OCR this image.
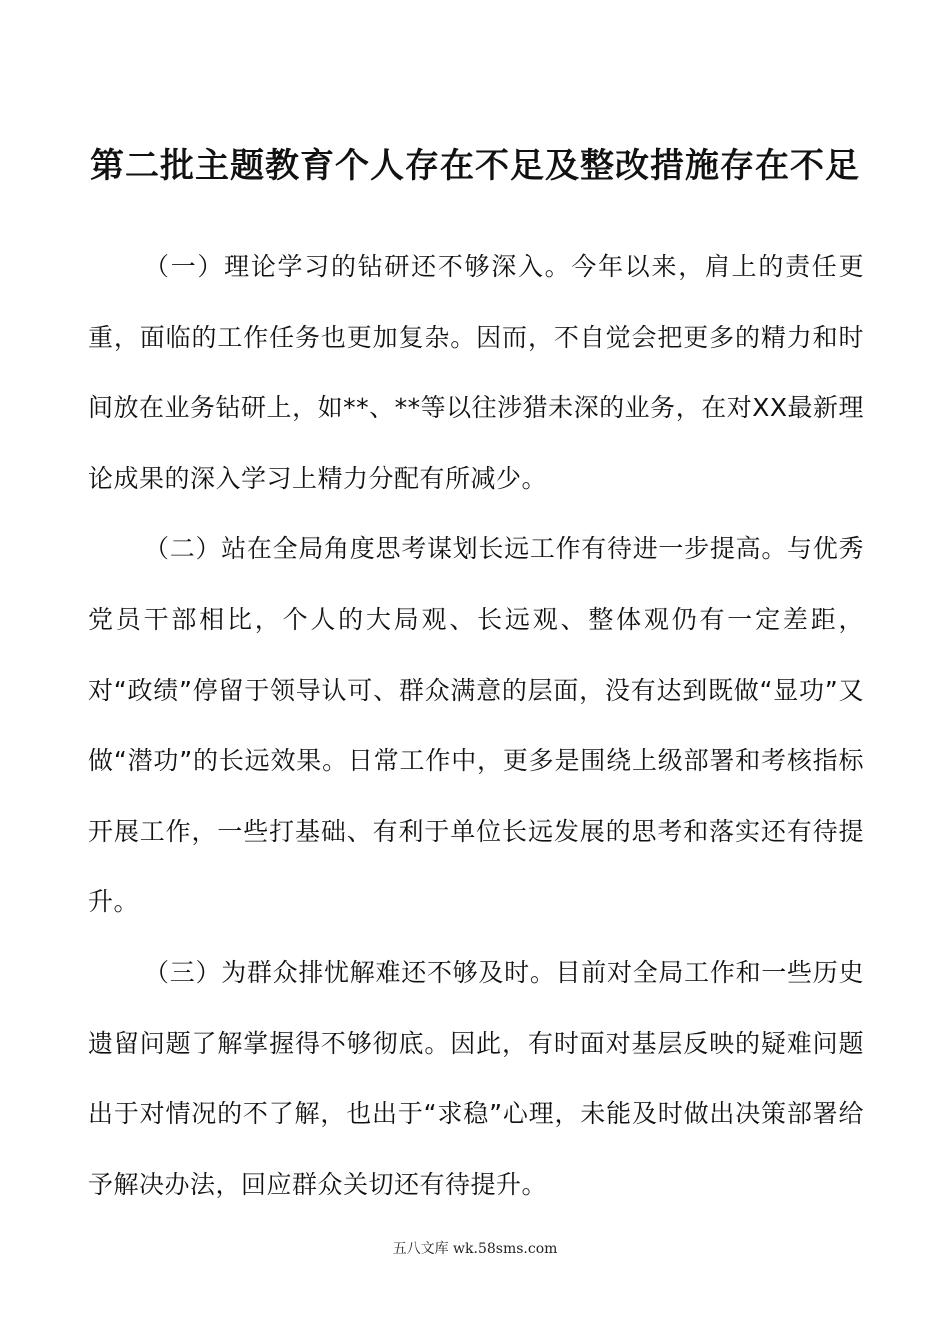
第二批主题教育个人存在不足及整改措施存在不足

（一）理论学习的钻研还不够深入。今年以来，肩上的责任更重，面临的工作任务也更加复杂。因而，不自觉会把更多的精力和时间放在业务钻研上，如**、**等以往涉猎未深的业务，在对XX最新理论成果的深入学习上精力分配有所减少。

（二）站在全局角度思考谋划长远工作有待进一步提高。与优秀党员干部相比，个人的大局观、长远观、整体观仍有一定差距，对“政绩”停留于领导认可、群众满意的层面，没有达到既做“显功”又做“潜功”的长远效果。日常工作中，更多是围绕上级部署和考核指标开展工作，一些打基础、有利于单位长远发展的思考和落实还有待提升。

（三）为群众排忧解难还不够及时。目前对全局工作和一些历史遗留问题了解掌握得不够彻底。因此，有时面对基层反映的疑难问题出于对情况的不了解，也出于“求稳”心理，未能及时做出决策部署给予解决办法，回应群众关切还有待提升。

五八文库 wk.58sms.com
